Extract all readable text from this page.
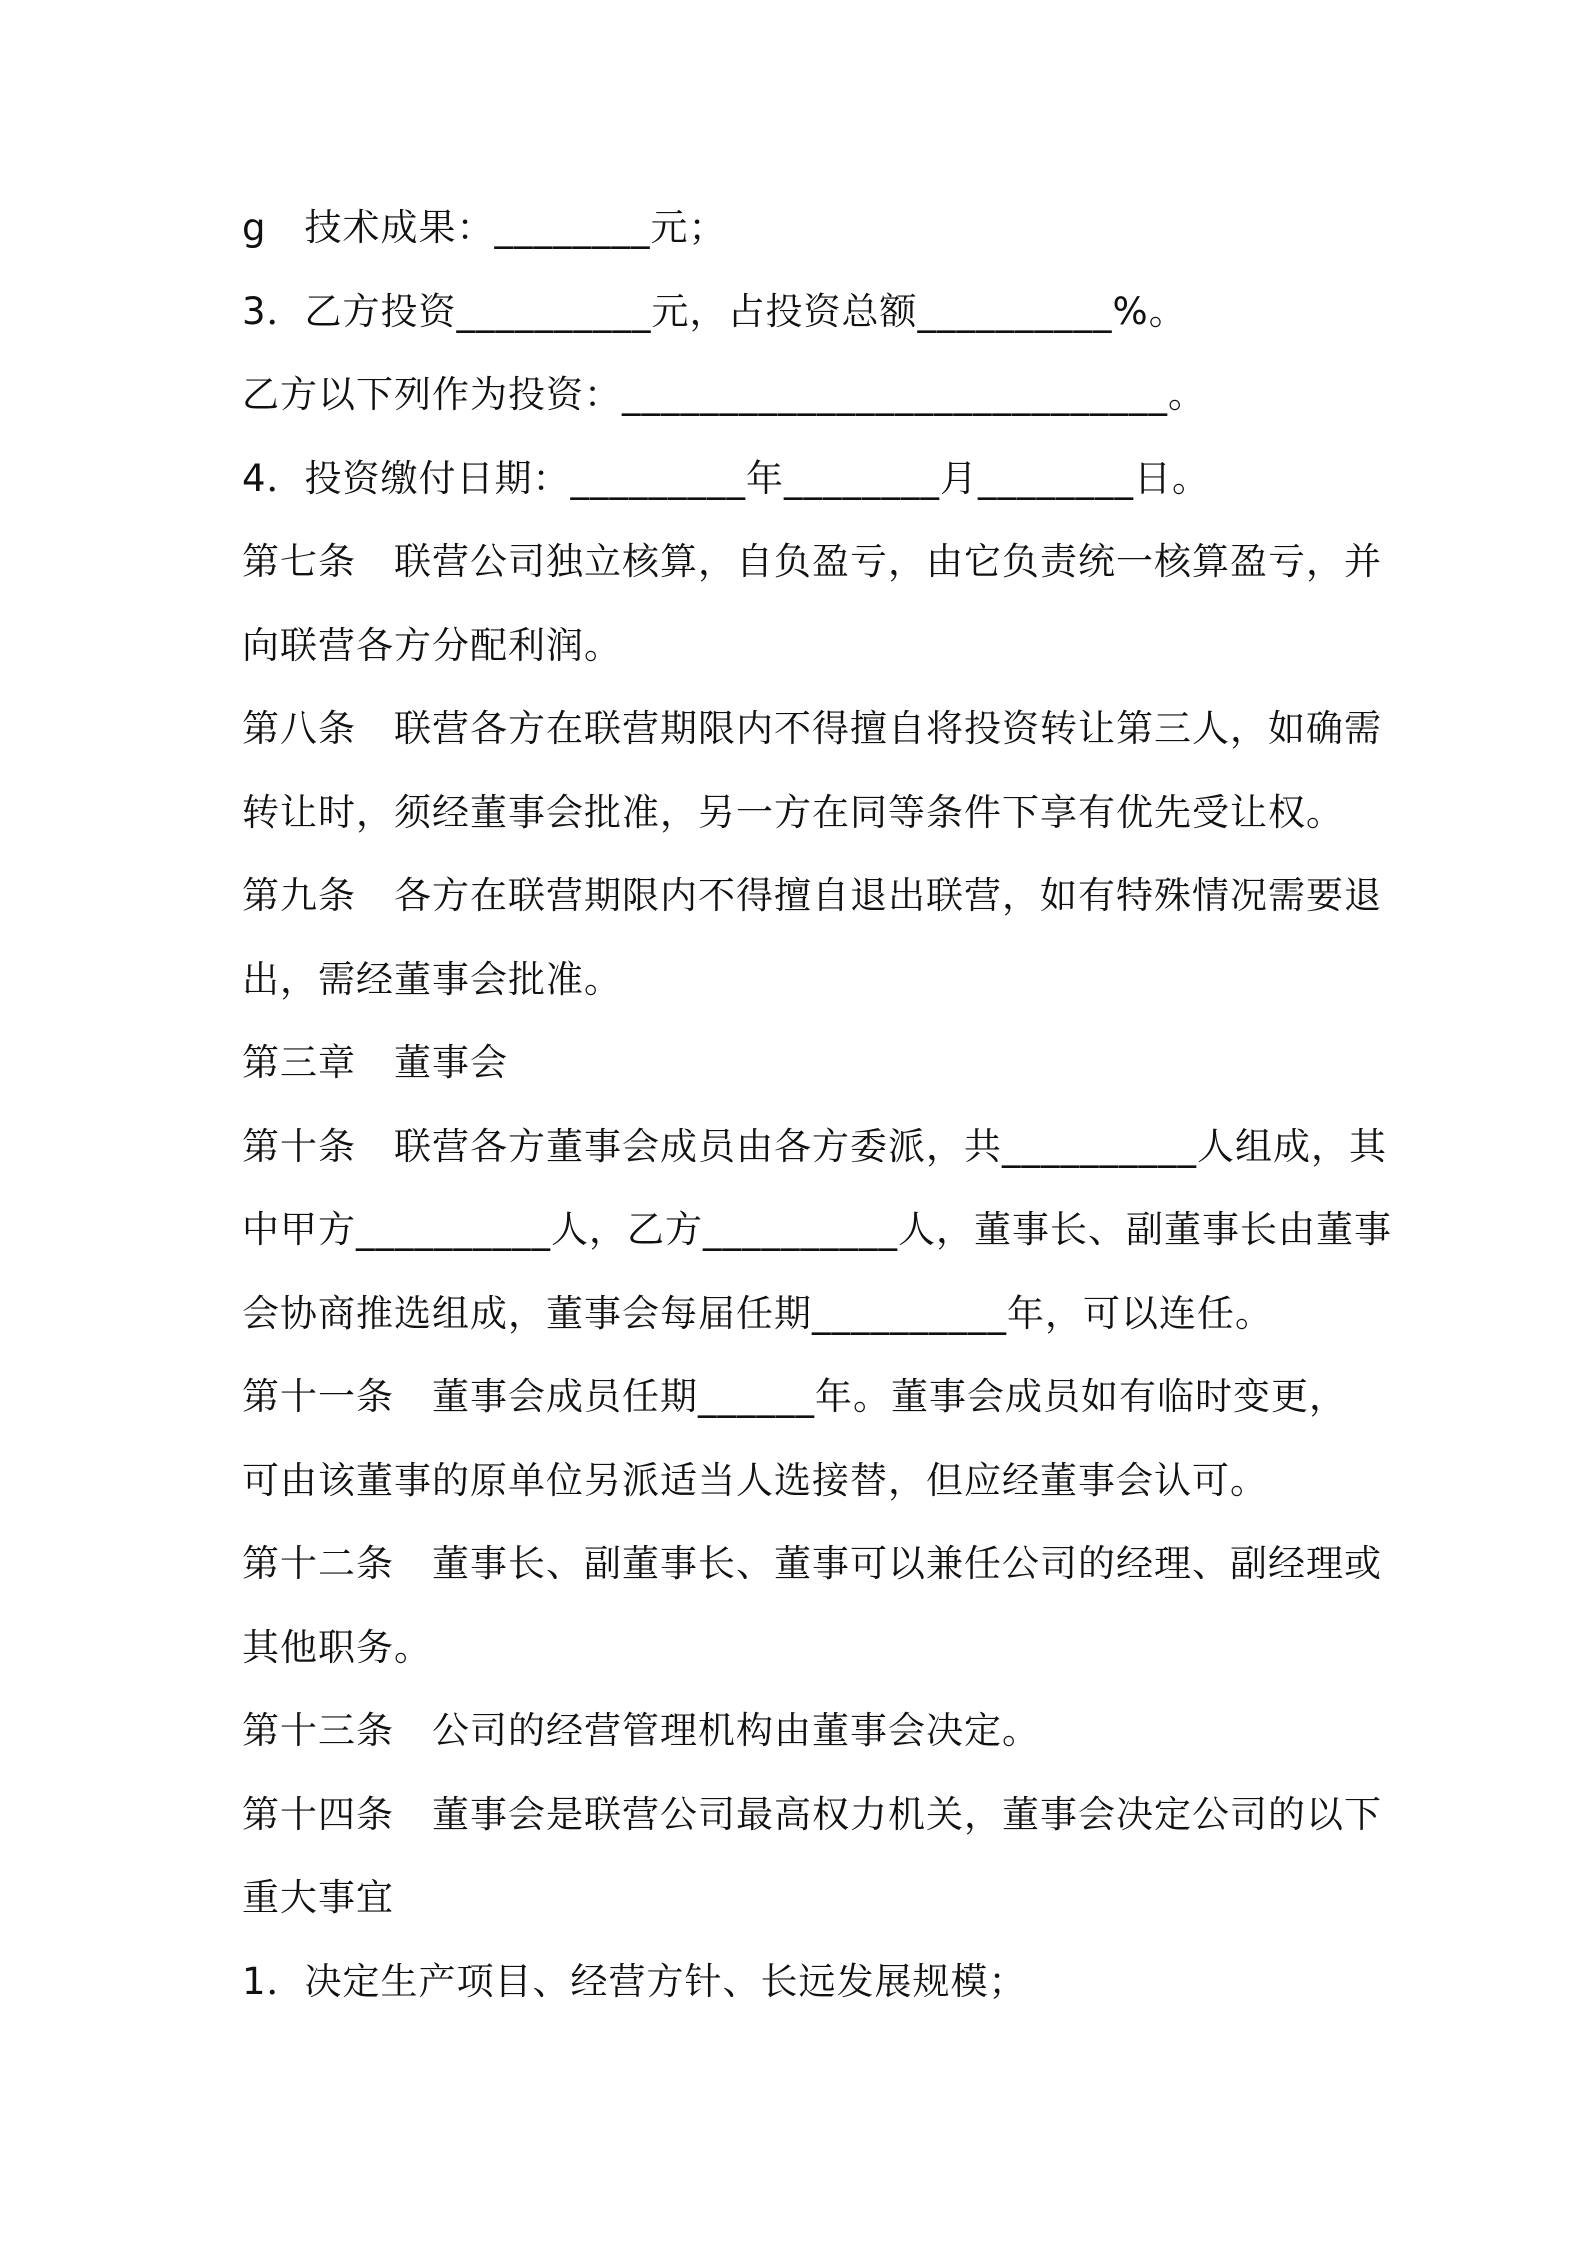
g　技术成果：________元；
3．乙方投资__________元，占投资总额__________%。
乙方以下列作为投资：____________________________。
4．投资缴付日期：_________年________月________日。
第七条　联营公司独立核算，自负盈亏，由它负责统一核算盈亏，并
向联营各方分配利润。
第八条　联营各方在联营期限内不得擅自将投资转让第三人，如确需
转让时，须经董事会批准，另一方在同等条件下享有优先受让权。
第九条　各方在联营期限内不得擅自退出联营，如有特殊情况需要退
出，需经董事会批准。
第三章　董事会
第十条　联营各方董事会成员由各方委派，共__________人组成，其
中甲方__________人，乙方__________人，董事长、副董事长由董事
会协商推选组成，董事会每届任期__________年，可以连任。
第十一条　董事会成员任期______年。董事会成员如有临时变更，
可由该董事的原单位另派适当人选接替，但应经董事会认可。
第十二条　董事长、副董事长、董事可以兼任公司的经理、副经理或
其他职务。
第十三条　公司的经营管理机构由董事会决定。
第十四条　董事会是联营公司最高权力机关，董事会决定公司的以下
重大事宜
1．决定生产项目、经营方针、长远发展规模；
